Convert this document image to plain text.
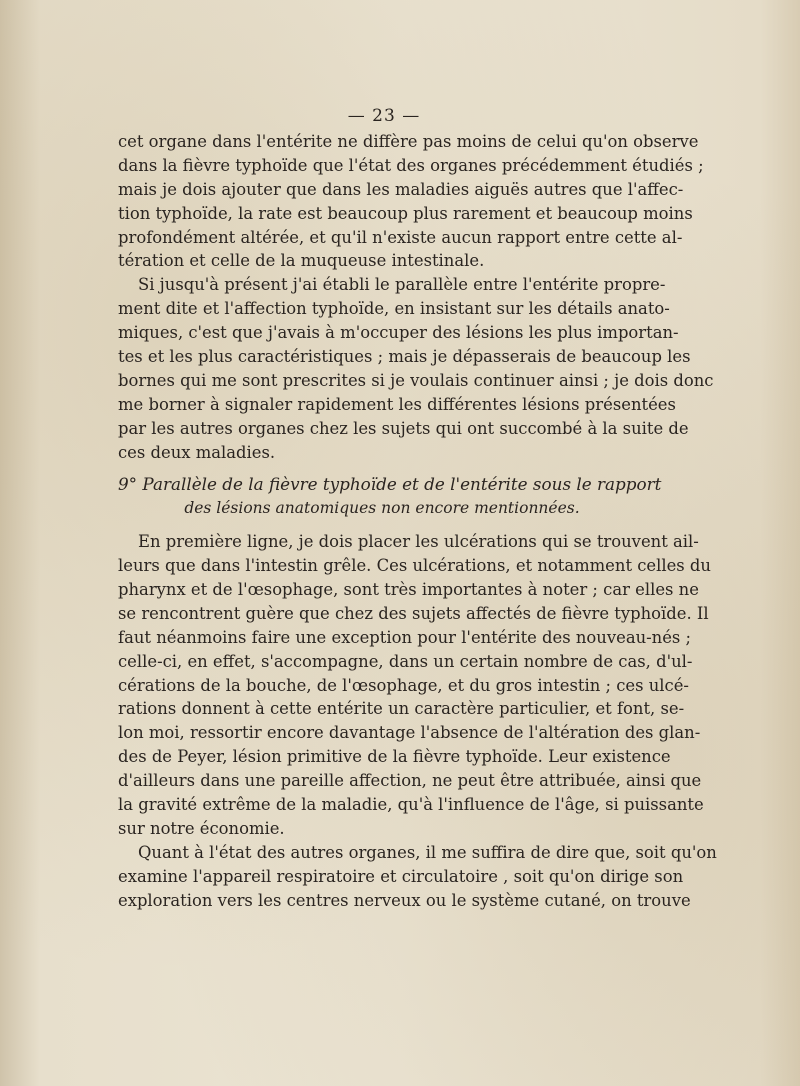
— 23 —
cet organe dans l'entérite ne diffère pas moins de celui qu'on observe
dans la fièvre typhoïde que l'état des organes précédemment étudiés ;
mais je dois ajouter que dans les maladies aiguës autres que l'affec-
tion typhoïde, la rate est beaucoup plus rarement et beaucoup moins
profondément altérée, et qu'il n'existe aucun rapport entre cette al-
tération et celle de la muqueuse intestinale.
Si jusqu'à présent j'ai établi le parallèle entre l'entérite propre-
ment dite et l'affection typhoïde, en insistant sur les détails anato-
miques, c'est que j'avais à m'occuper des lésions les plus importan-
tes et les plus caractéristiques ; mais je dépasserais de beaucoup les
bornes qui me sont prescrites si je voulais continuer ainsi ; je dois donc
me borner à signaler rapidement les différentes lésions présentées
par les autres organes chez les sujets qui ont succombé à la suite de
ces deux maladies.
9° Parallèle de la fièvre typhoïde et de l'entérite sous le rapport
des lésions anatomiques non encore mentionnées.
En première ligne, je dois placer les ulcérations qui se trouvent ail-
leurs que dans l'intestin grêle. Ces ulcérations, et notamment celles du
pharynx et de l'œsophage, sont très importantes à noter ; car elles ne
se rencontrent guère que chez des sujets affectés de fièvre typhoïde. Il
faut néanmoins faire une exception pour l'entérite des nouveau-nés ;
celle-ci, en effet, s'accompagne, dans un certain nombre de cas, d'ul-
cérations de la bouche, de l'œsophage, et du gros intestin ; ces ulcé-
rations donnent à cette entérite un caractère particulier, et font, se-
lon moi, ressortir encore davantage l'absence de l'altération des glan-
des de Peyer, lésion primitive de la fièvre typhoïde. Leur existence
d'ailleurs dans une pareille affection, ne peut être attribuée, ainsi que
la gravité extrême de la maladie, qu'à l'influence de l'âge, si puissante
sur notre économie.
Quant à l'état des autres organes, il me suffira de dire que, soit qu'on
examine l'appareil respiratoire et circulatoire , soit qu'on dirige son
exploration vers les centres nerveux ou le système cutané, on trouve
